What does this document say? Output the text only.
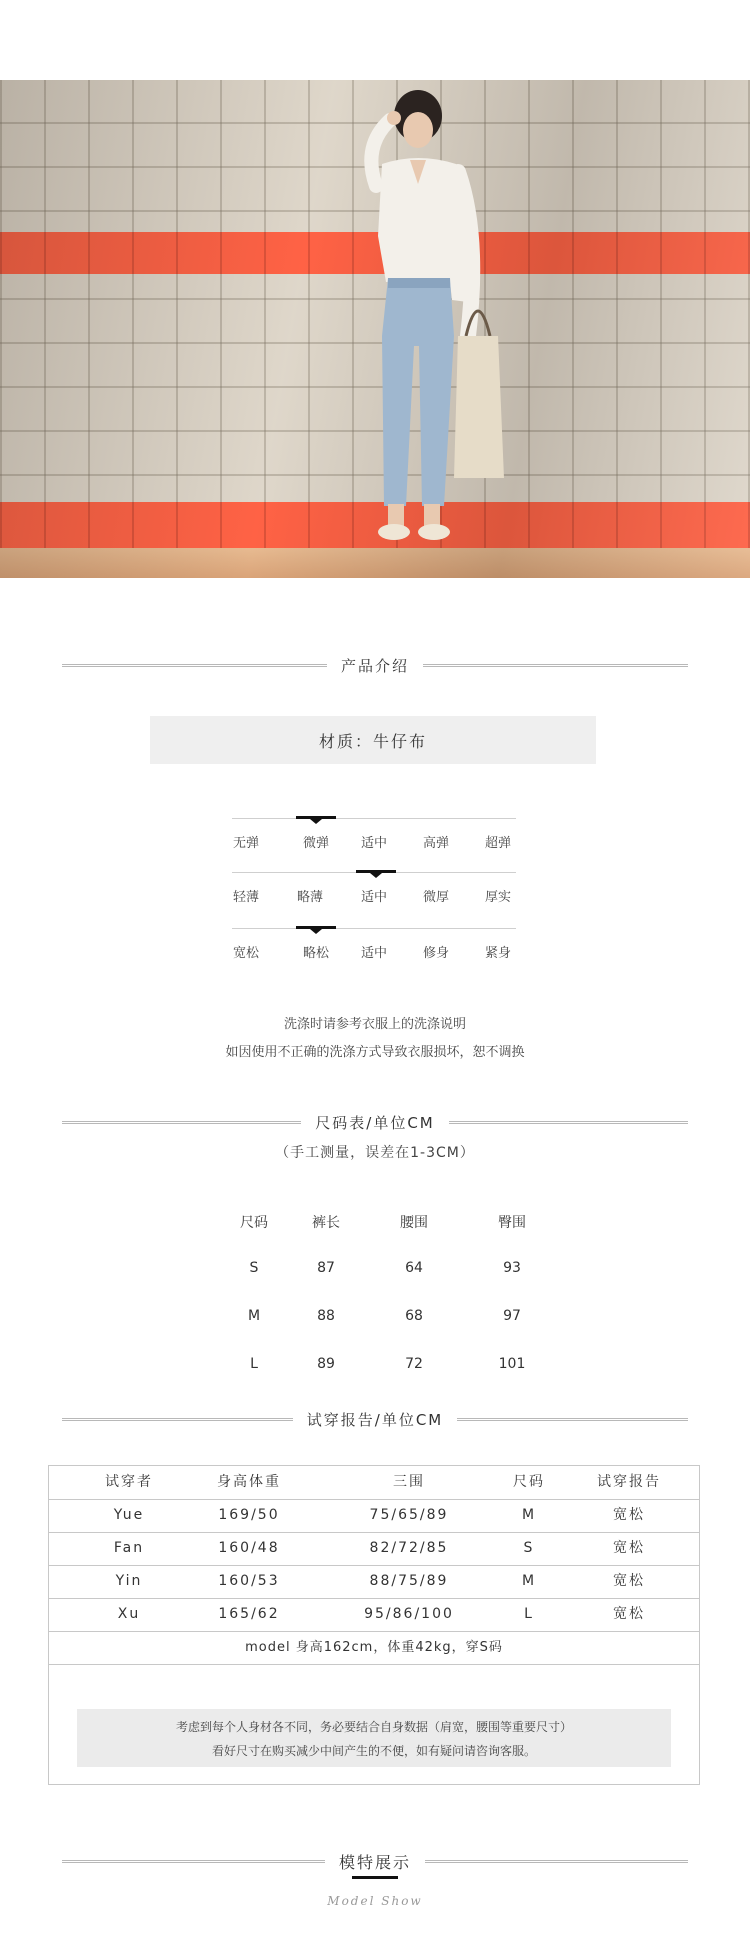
产品介绍
材质：牛仔布
无弹	微弹	适中	高弹	超弹
轻薄	略薄	适中	微厚	厚实
宽松	略松	适中	修身	紧身
洗涤时请参考衣服上的洗涤说明
如因使用不正确的洗涤方式导致衣服损坏，恕不调换
尺码表/单位CM
（手工测量，误差在1-3CM）
尺码	裤长	腰围	臀围
S	87	64	93
M	88	68	97
L	89	72	101
试穿报告/单位CM
试穿者	身高体重	三围	尺码	试穿报告
Yue	169/50	75/65/89	M	宽松
Fan	160/48	82/72/85	S	宽松
Yin	160/53	88/75/89	M	宽松
Xu	165/62	95/86/100	L	宽松
model 身高162cm，体重42kg，穿S码
考虑到每个人身材各不同，务必要结合自身数据（肩宽，腰围等重要尺寸）
看好尺寸在购买减少中间产生的不便，如有疑问请咨询客服。
模特展示
Model Show
